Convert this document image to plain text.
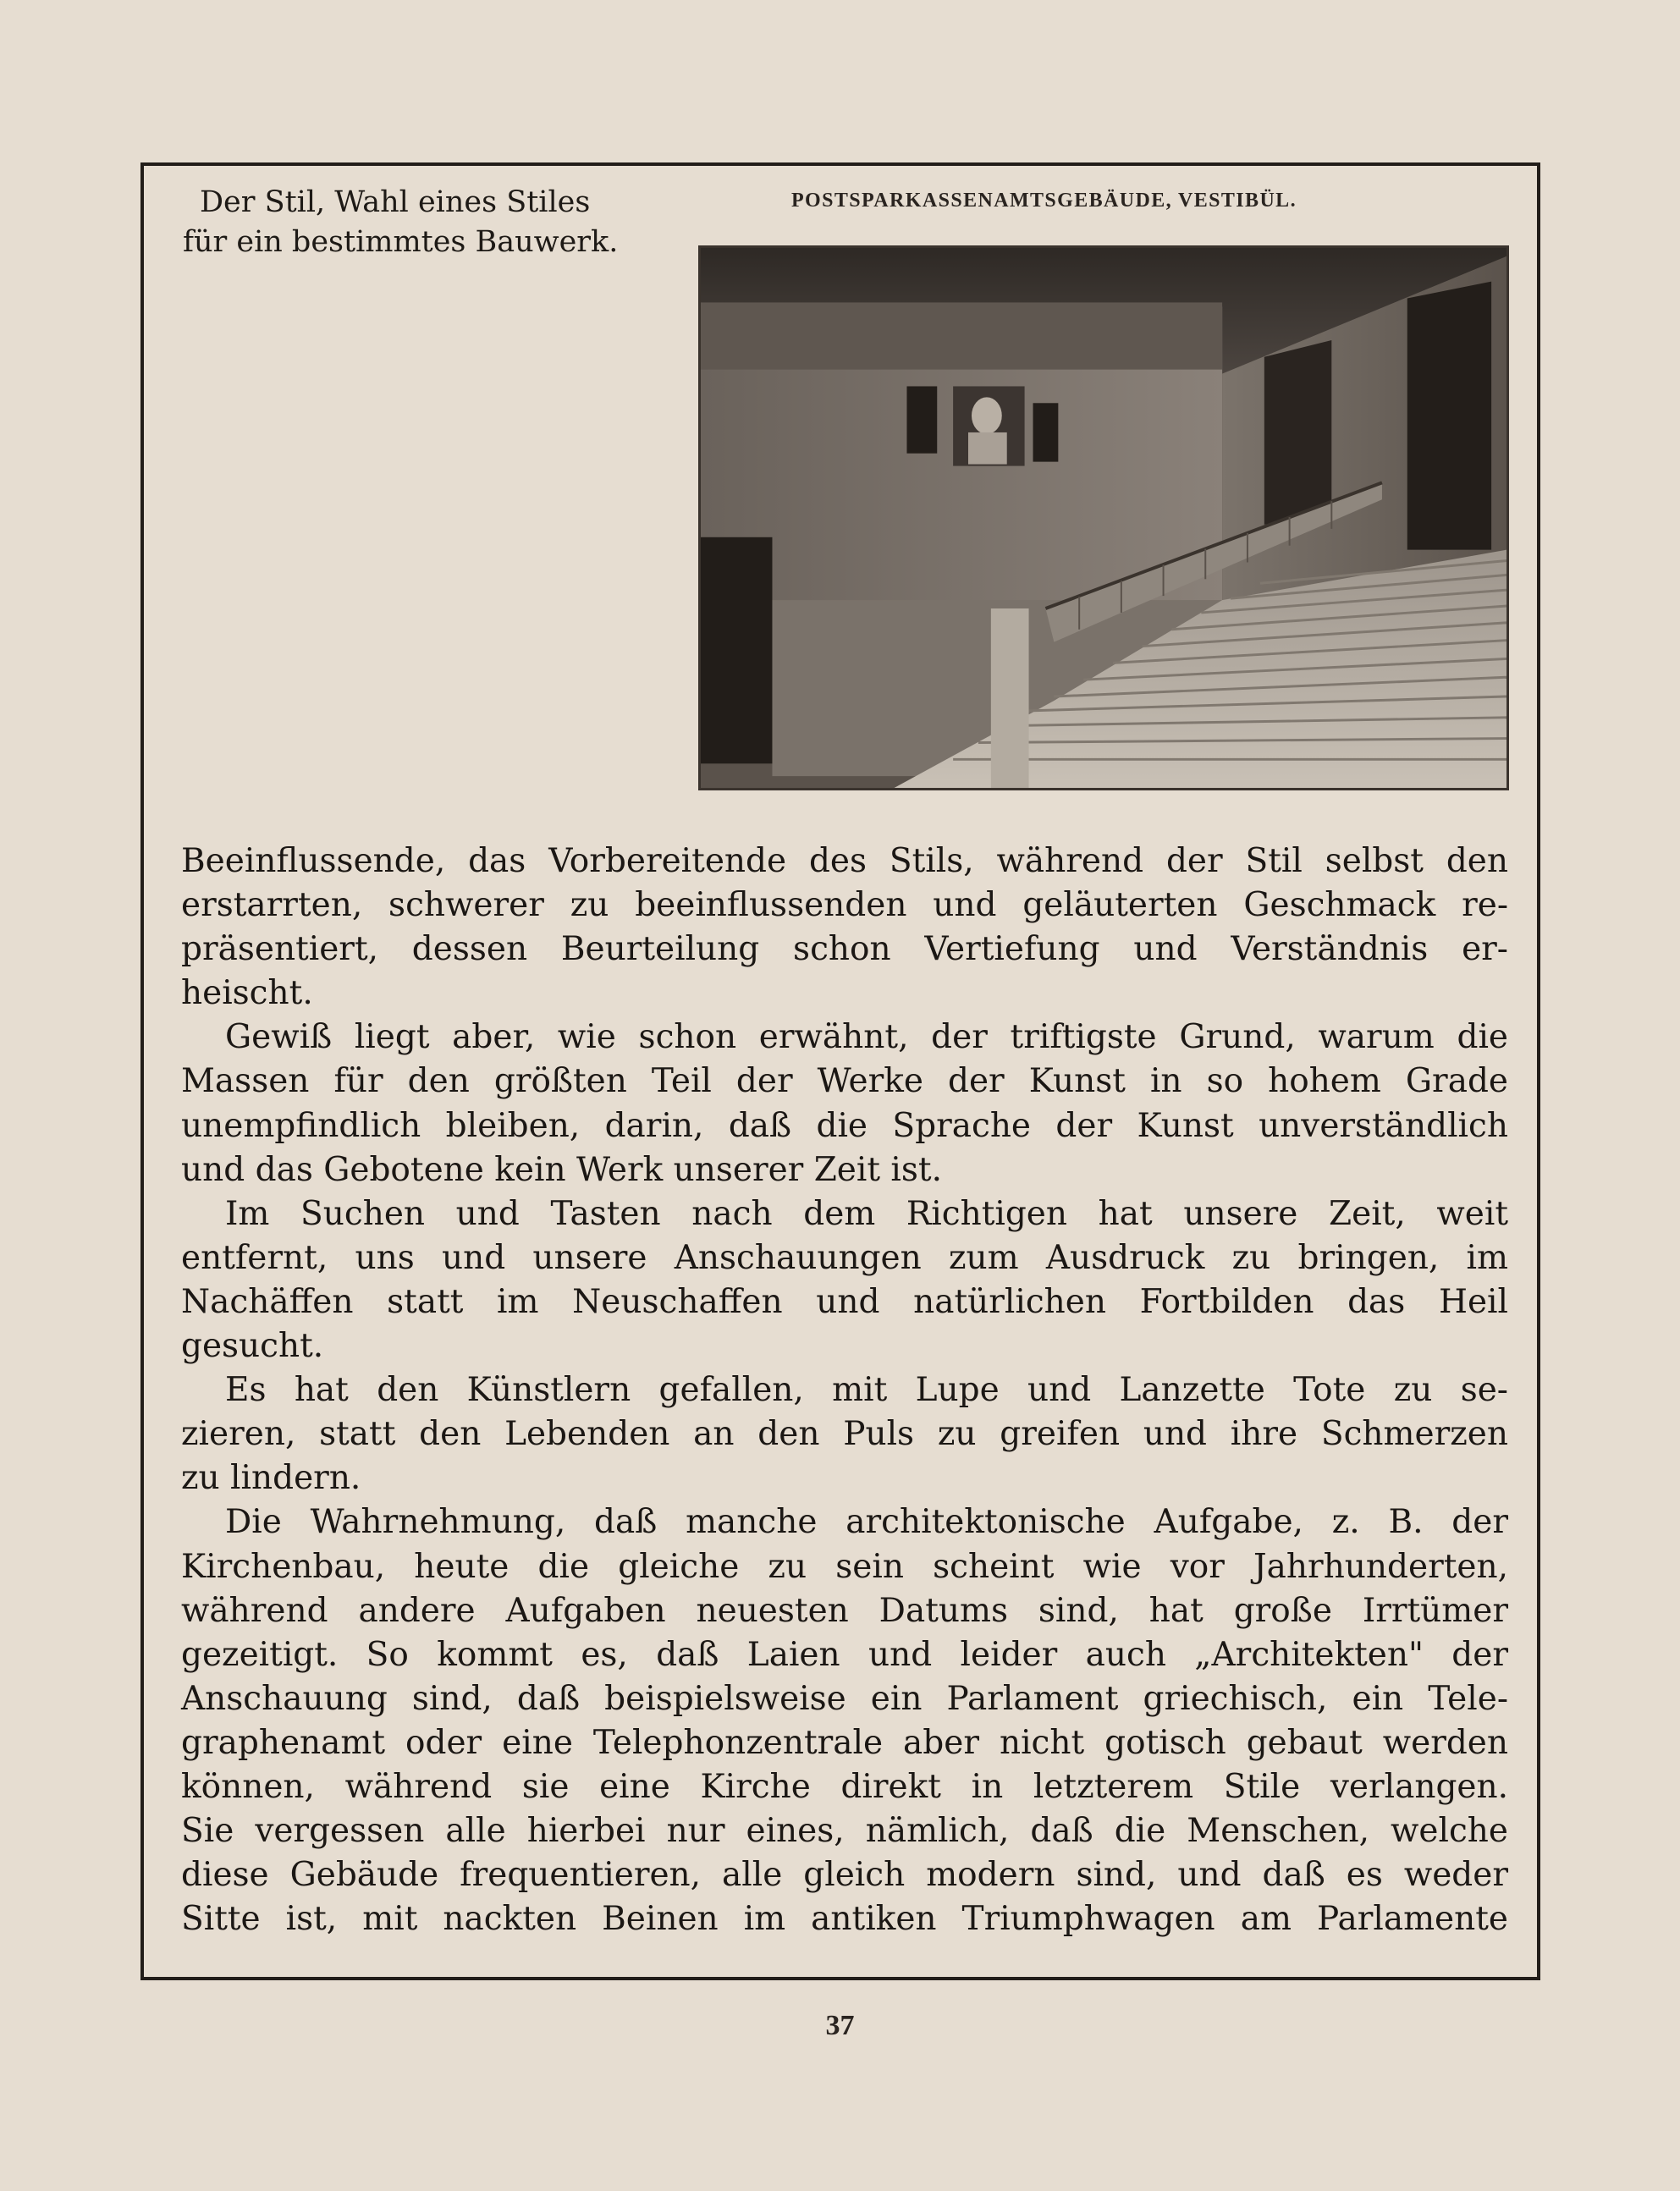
Der Stil, Wahl eines Stiles
für ein bestimmtes Bauwerk.
POSTSPARKASSENAMTSGEBÄUDE, VESTIBÜL.
Beeinflussende, das Vorbereitende des Stils, während der Stil selbst den
erstarrten, schwerer zu beeinflussenden und geläuterten Geschmack re-
präsentiert, dessen Beurteilung schon Vertiefung und Verständnis er-
heischt.
Gewiß liegt aber, wie schon erwähnt, der triftigste Grund, warum die
Massen für den größten Teil der Werke der Kunst in so hohem Grade
unempfindlich bleiben, darin, daß die Sprache der Kunst unverständlich
und das Gebotene kein Werk unserer Zeit ist.
Im Suchen und Tasten nach dem Richtigen hat unsere Zeit, weit
entfernt, uns und unsere Anschauungen zum Ausdruck zu bringen, im
Nachäffen statt im Neuschaffen und natürlichen Fortbilden das Heil
gesucht.
Es hat den Künstlern gefallen, mit Lupe und Lanzette Tote zu se-
zieren, statt den Lebenden an den Puls zu greifen und ihre Schmerzen
zu lindern.
Die Wahrnehmung, daß manche architektonische Aufgabe, z. B. der
Kirchenbau, heute die gleiche zu sein scheint wie vor Jahrhunderten,
während andere Aufgaben neuesten Datums sind, hat große Irrtümer
gezeitigt. So kommt es, daß Laien und leider auch „Architekten" der
Anschauung sind, daß beispielsweise ein Parlament griechisch, ein Tele-
graphenamt oder eine Telephonzentrale aber nicht gotisch gebaut werden
können, während sie eine Kirche direkt in letzterem Stile verlangen.
Sie vergessen alle hierbei nur eines, nämlich, daß die Menschen, welche
diese Gebäude frequentieren, alle gleich modern sind, und daß es weder
Sitte ist, mit nackten Beinen im antiken Triumphwagen am Parlamente
37
